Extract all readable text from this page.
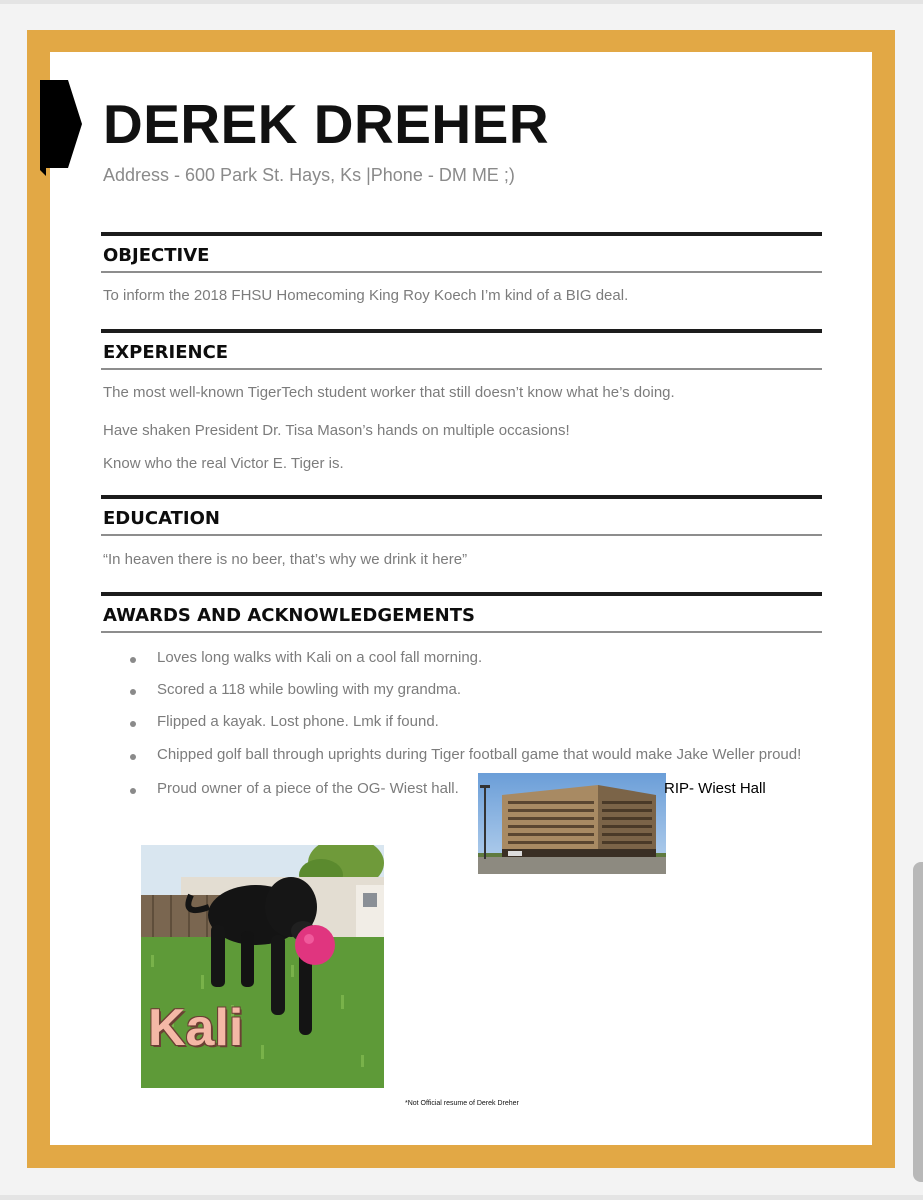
DEREK DREHER
Address - 600 Park St. Hays, Ks |Phone - DM ME ;)
OBJECTIVE
To inform the 2018 FHSU Homecoming King Roy Koech I’m kind of a BIG deal.
EXPERIENCE
The most well-known TigerTech student worker that still doesn’t know what he’s doing.
Have shaken President Dr. Tisa Mason’s hands on multiple occasions!
Know who the real Victor E. Tiger is.
EDUCATION
“In heaven there is no beer, that’s why we drink it here”
AWARDS AND ACKNOWLEDGEMENTS
Loves long walks with Kali on a cool fall morning.
Scored a 118 while bowling with my grandma.
Flipped a kayak. Lost phone. Lmk if found.
Chipped golf ball through uprights during Tiger football game that would make Jake Weller proud!
Proud owner of a piece of the OG- Wiest hall.	RIP- Wiest Hall
Kali
*Not Official resume of Derek Dreher
